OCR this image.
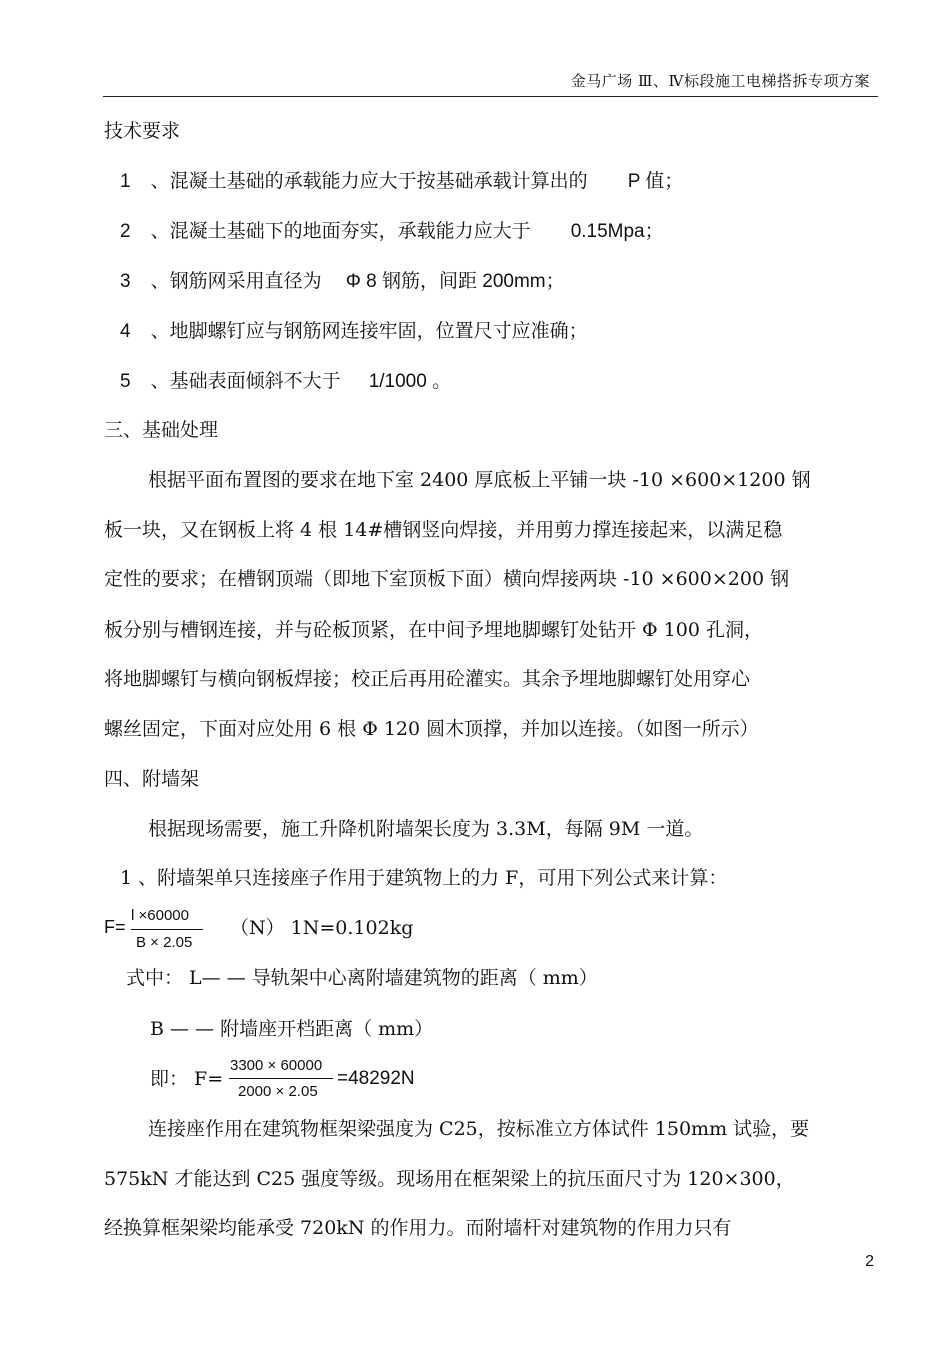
金马广场 Ⅲ、Ⅳ标段施工电梯搭拆专项方案
技术要求
1 、混凝土基础的承载能力应大于按基础承载计算出的 P 值；
2 、混凝土基础下的地面夯实，承载能力应大于 0.15Mpa；
3 、钢筋网采用直径为 Φ 8 钢筋，间距 200mm；
4 、地脚螺钉应与钢筋网连接牢固，位置尺寸应准确；
5 、基础表面倾斜不大于 1/1000 。
三、基础处理
根据平面布置图的要求在地下室 2400 厚底板上平铺一块 -10 ×600×1200 钢
板一块，又在钢板上将 4 根 14#槽钢竖向焊接，并用剪力撑连接起来，以满足稳
定性的要求；在槽钢顶端（即地下室顶板下面）横向焊接两块 -10 ×600×200 钢
板分别与槽钢连接，并与砼板顶紧，在中间予埋地脚螺钉处钻开 Φ 100 孔洞，
将地脚螺钉与横向钢板焊接；校正后再用砼灌实。其余予埋地脚螺钉处用穿心
螺丝固定，下面对应处用 6 根 Φ 120 圆木顶撑，并加以连接。（如图一所示）
四、附墙架
根据现场需要，施工升降机附墙架长度为 3.3M，每隔 9M 一道。
1 、附墙架单只连接座子作用于建筑物上的力 F，可用下列公式来计算：
F=
l ×60000
B × 2.05
（N） 1N=0.102kg
式中： L— — 导轨架中心离附墙建筑物的距离（ mm）
B — — 附墙座开档距离（ mm）
即： F=
3300 × 60000
2000 × 2.05
=48292N
连接座作用在建筑物框架梁强度为 C25，按标准立方体试件 150mm 试验，要
575kN 才能达到 C25 强度等级。现场用在框架梁上的抗压面尺寸为 120×300，
经换算框架梁均能承受 720kN 的作用力。而附墙杆对建筑物的作用力只有
2
